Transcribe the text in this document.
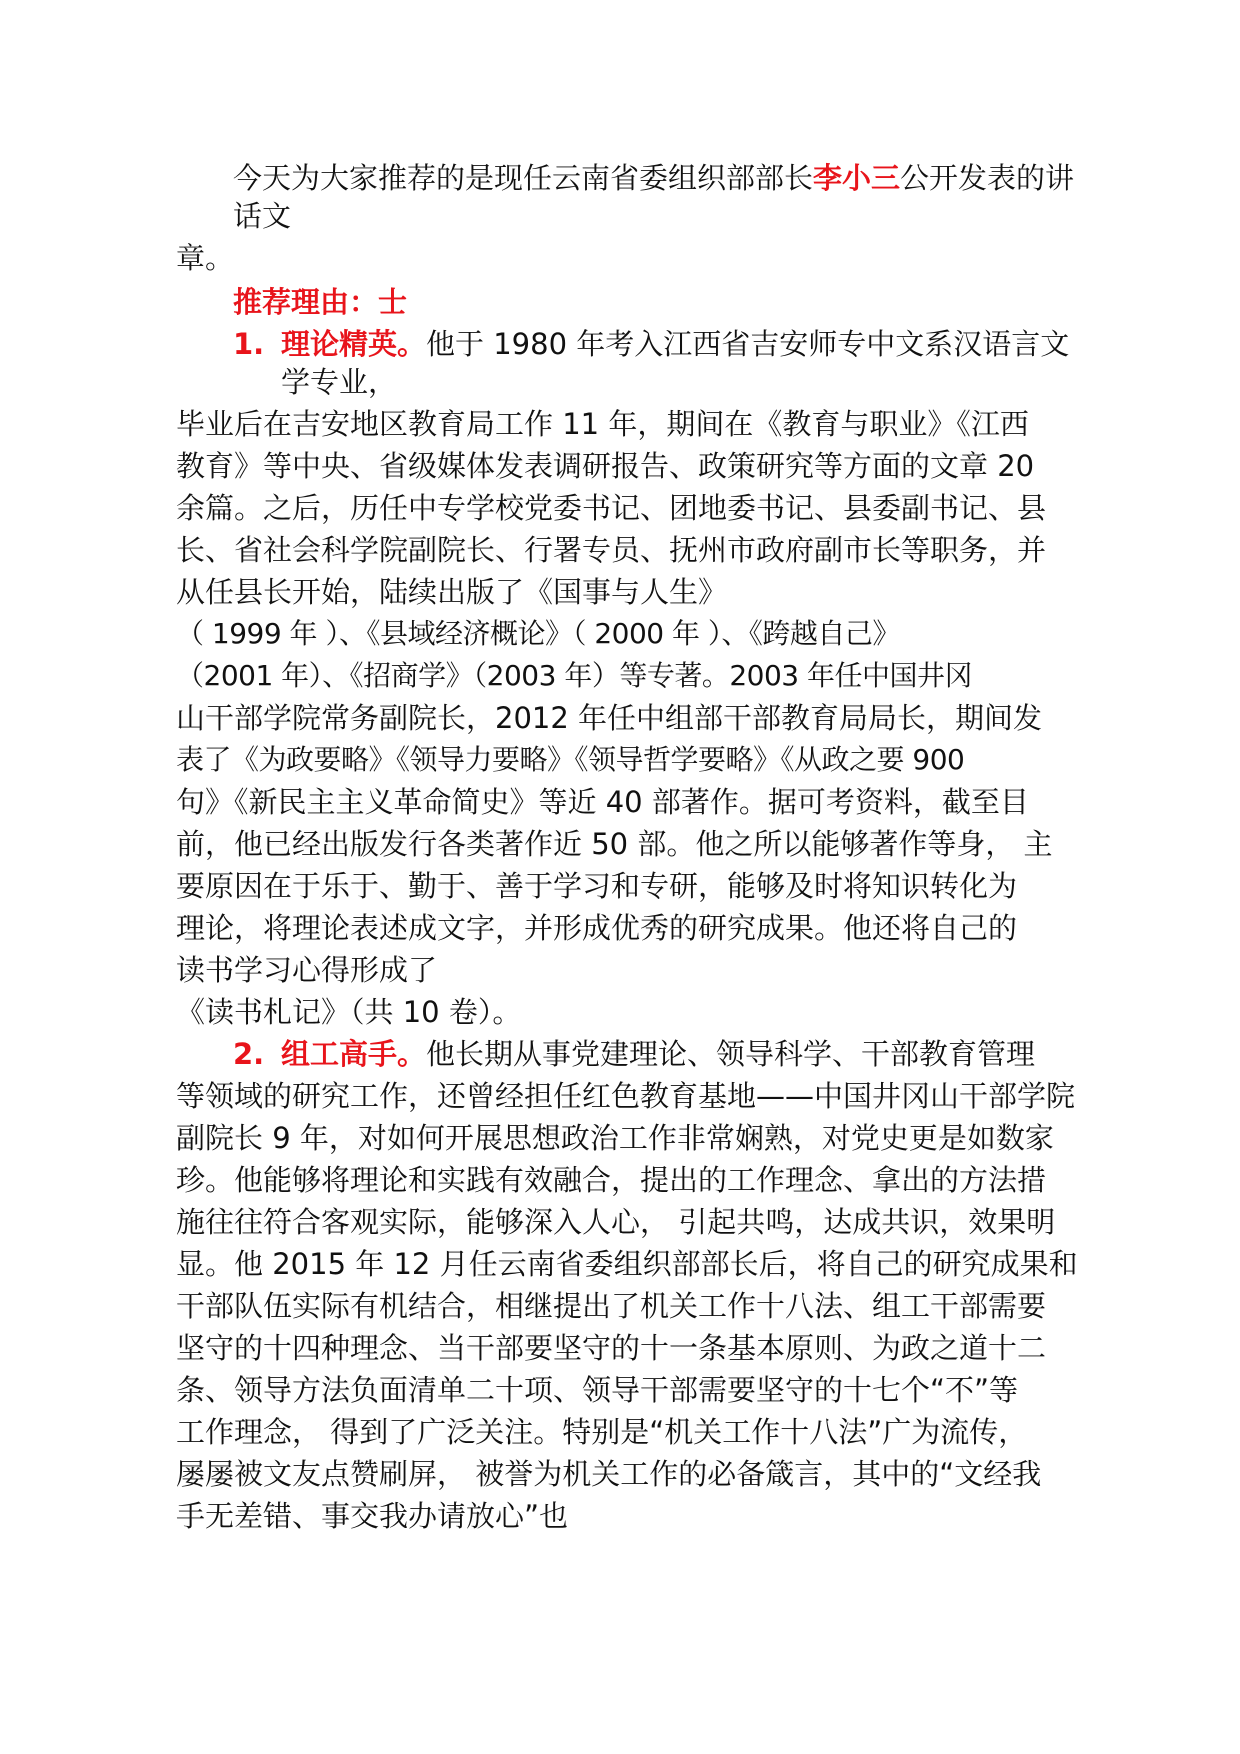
今天为大家推荐的是现任云南省委组织部部长李小三公开发表的讲
话文
章。
推荐理由：士
1. 理论精英。他于 1980 年考入江西省吉安师专中文系汉语言文
学专业，
毕业后在吉安地区教育局工作 11 年，期间在《教育与职业》《江西
教育》等中央、省级媒体发表调研报告、政策研究等方面的文章 20
余篇。之后，历任中专学校党委书记、团地委书记、县委副书记、县
长、省社会科学院副院长、行署专员、抚州市政府副市长等职务，并
从任县长开始，陆续出版了《国事与人生》
（ 1999 年 ）、《县域经济概论》（ 2000 年 ）、《跨越自己》
（2001 年）、《招商学》（2003 年）等专著。2003 年任中国井冈
山干部学院常务副院长，2012 年任中组部干部教育局局长，期间发
表了《为政要略》《领导力要略》《领导哲学要略》《从政之要 900
句》《新民主主义革命简史》等近 40 部著作。据可考资料，截至目
前，他已经出版发行各类著作近 50 部。他之所以能够著作等身， 主
要原因在于乐于、勤于、善于学习和专研，能够及时将知识转化为
理论，将理论表述成文字，并形成优秀的研究成果。他还将自己的
读书学习心得形成了
《读书札记》（共 10 卷）。
2. 组工高手。他长期从事党建理论、领导科学、干部教育管理
等领域的研究工作，还曾经担任红色教育基地——中国井冈山干部学院
副院长 9 年，对如何开展思想政治工作非常娴熟，对党史更是如数家
珍。他能够将理论和实践有效融合，提出的工作理念、拿出的方法措
施往往符合客观实际，能够深入人心， 引起共鸣，达成共识，效果明
显。他 2015 年 12 月任云南省委组织部部长后，将自己的研究成果和
干部队伍实际有机结合，相继提出了机关工作十八法、组工干部需要
坚守的十四种理念、当干部要坚守的十一条基本原则、为政之道十二
条、领导方法负面清单二十项、领导干部需要坚守的十七个“不”等
工作理念， 得到了广泛关注。特别是“机关工作十八法”广为流传，
屡屡被文友点赞刷屏， 被誉为机关工作的必备箴言，其中的“文经我
手无差错、事交我办请放心”也
